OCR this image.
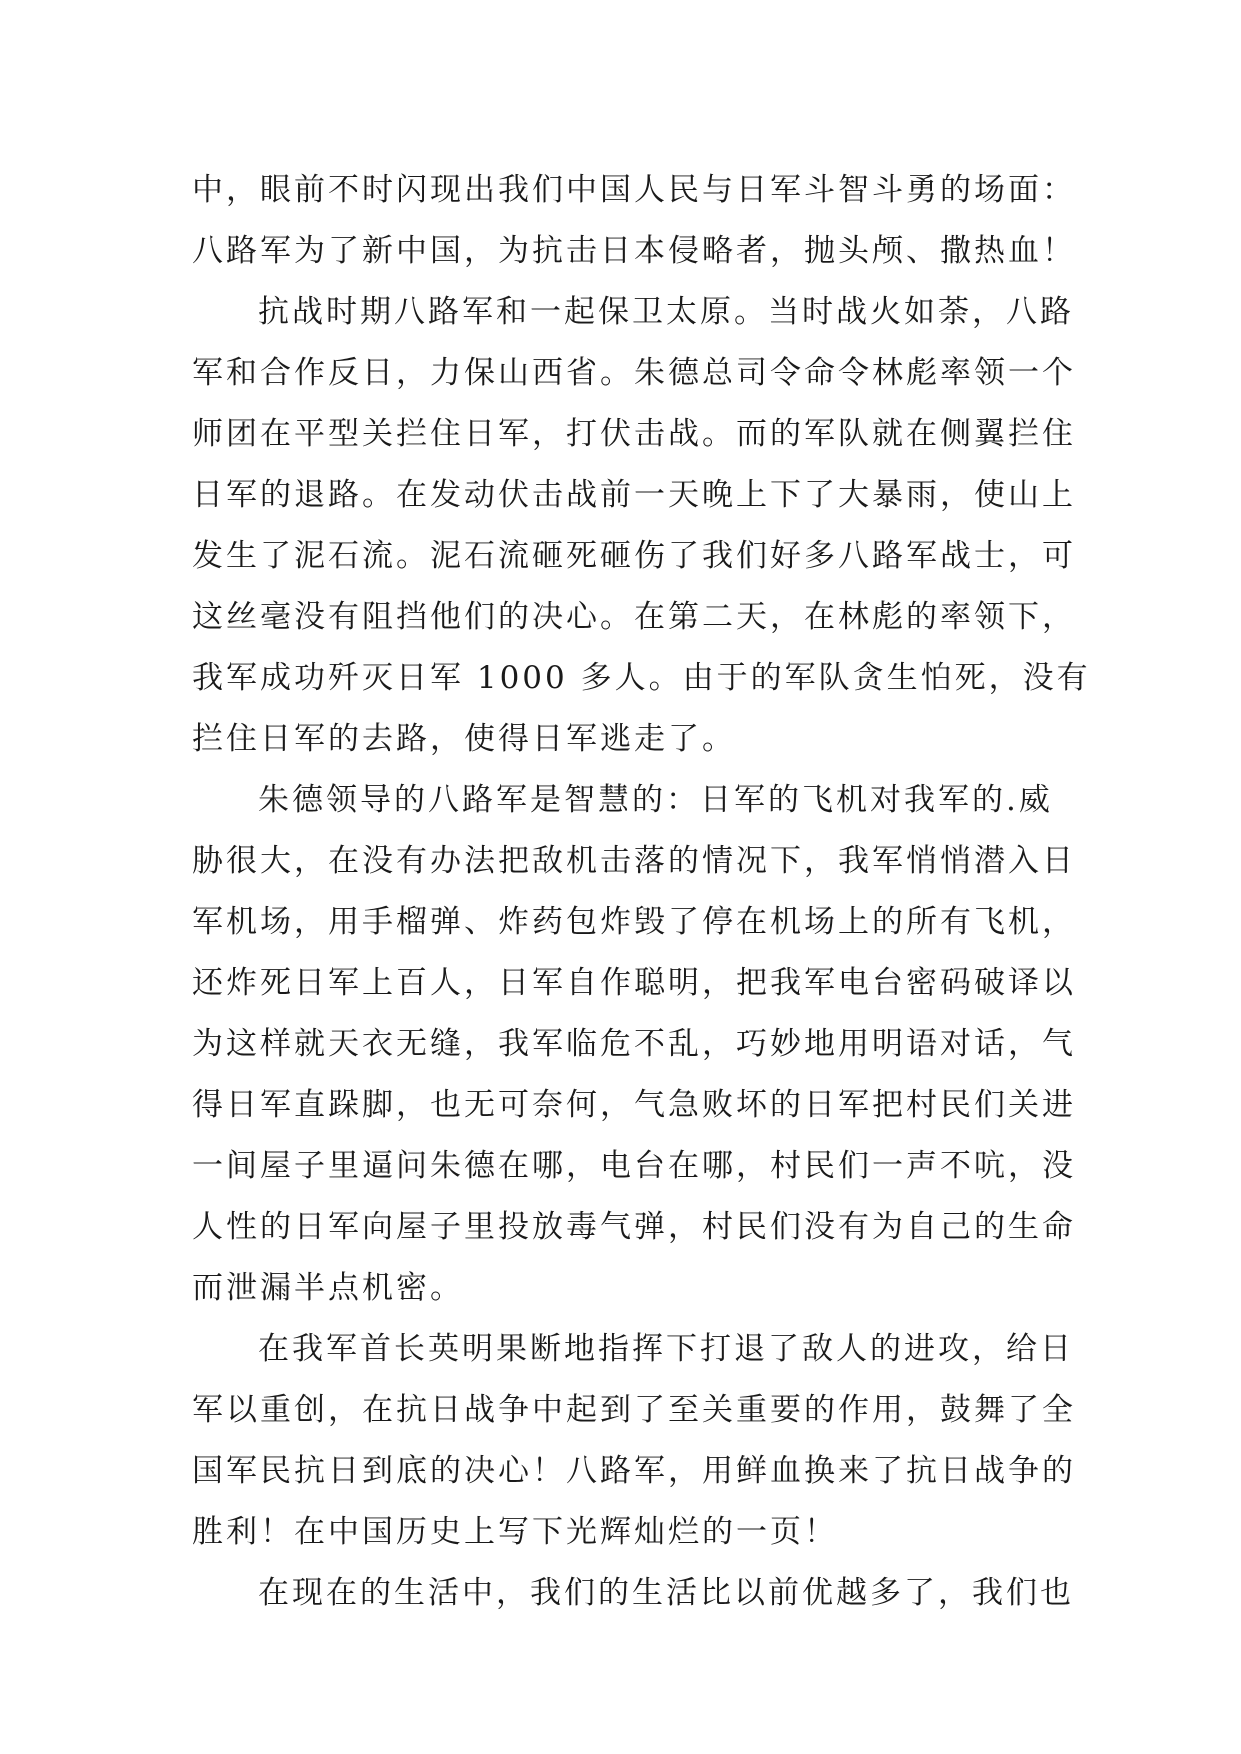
中，眼前不时闪现出我们中国人民与日军斗智斗勇的场面：
八路军为了新中国，为抗击日本侵略者，抛头颅、撒热血！
抗战时期八路军和一起保卫太原。当时战火如荼，八路
军和合作反日，力保山西省。朱德总司令命令林彪率领一个
师团在平型关拦住日军，打伏击战。而的军队就在侧翼拦住
日军的退路。在发动伏击战前一天晚上下了大暴雨，使山上
发生了泥石流。泥石流砸死砸伤了我们好多八路军战士，可
这丝毫没有阻挡他们的决心。在第二天，在林彪的率领下，
我军成功歼灭日军 1000 多人。由于的军队贪生怕死，没有
拦住日军的去路，使得日军逃走了。
朱德领导的八路军是智慧的：日军的飞机对我军的.威
胁很大，在没有办法把敌机击落的情况下，我军悄悄潜入日
军机场，用手榴弹、炸药包炸毁了停在机场上的所有飞机，
还炸死日军上百人，日军自作聪明，把我军电台密码破译以
为这样就天衣无缝，我军临危不乱，巧妙地用明语对话，气
得日军直跺脚，也无可奈何，气急败坏的日军把村民们关进
一间屋子里逼问朱德在哪，电台在哪，村民们一声不吭，没
人性的日军向屋子里投放毒气弹，村民们没有为自己的生命
而泄漏半点机密。
在我军首长英明果断地指挥下打退了敌人的进攻，给日
军以重创，在抗日战争中起到了至关重要的作用，鼓舞了全
国军民抗日到底的决心！八路军，用鲜血换来了抗日战争的
胜利！在中国历史上写下光辉灿烂的一页！
在现在的生活中，我们的生活比以前优越多了，我们也
